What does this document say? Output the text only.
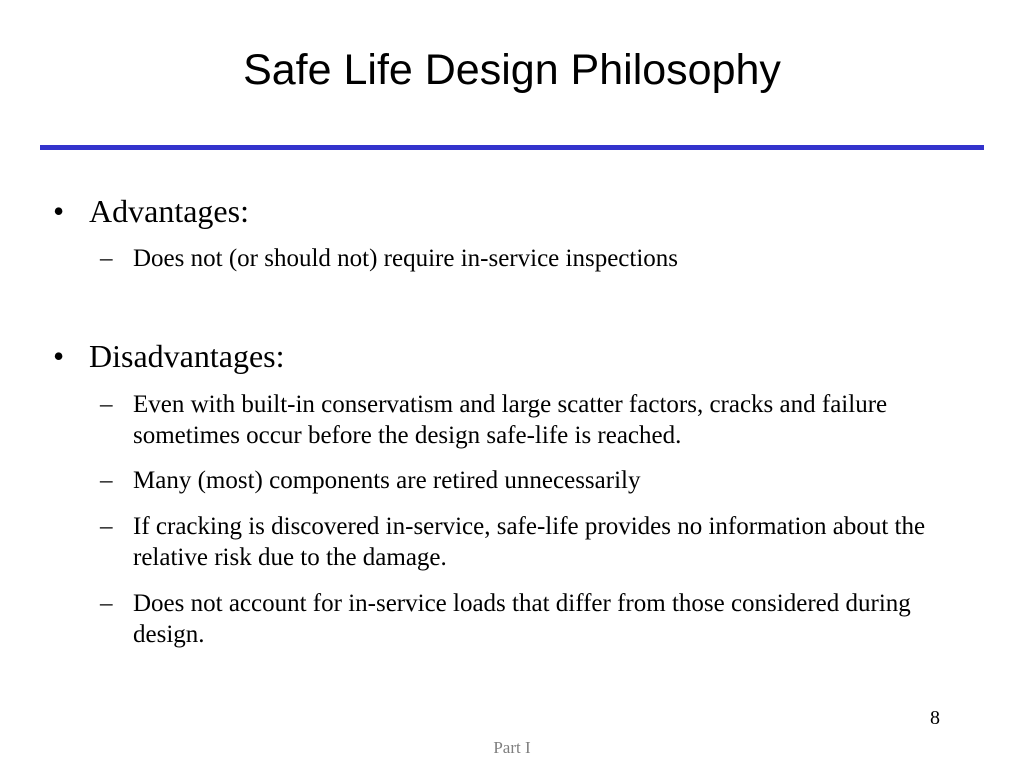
Safe Life Design Philosophy
• Advantages:
– Does not (or should not) require in-service inspections
• Disadvantages:
– Even with built-in conservatism and large scatter factors, cracks and failure sometimes occur before the design safe-life is reached.
– Many (most) components are retired unnecessarily
– If cracking is discovered in-service, safe-life provides no information about the relative risk due to the damage.
– Does not account for in-service loads that differ from those considered during design.
8
Part I
